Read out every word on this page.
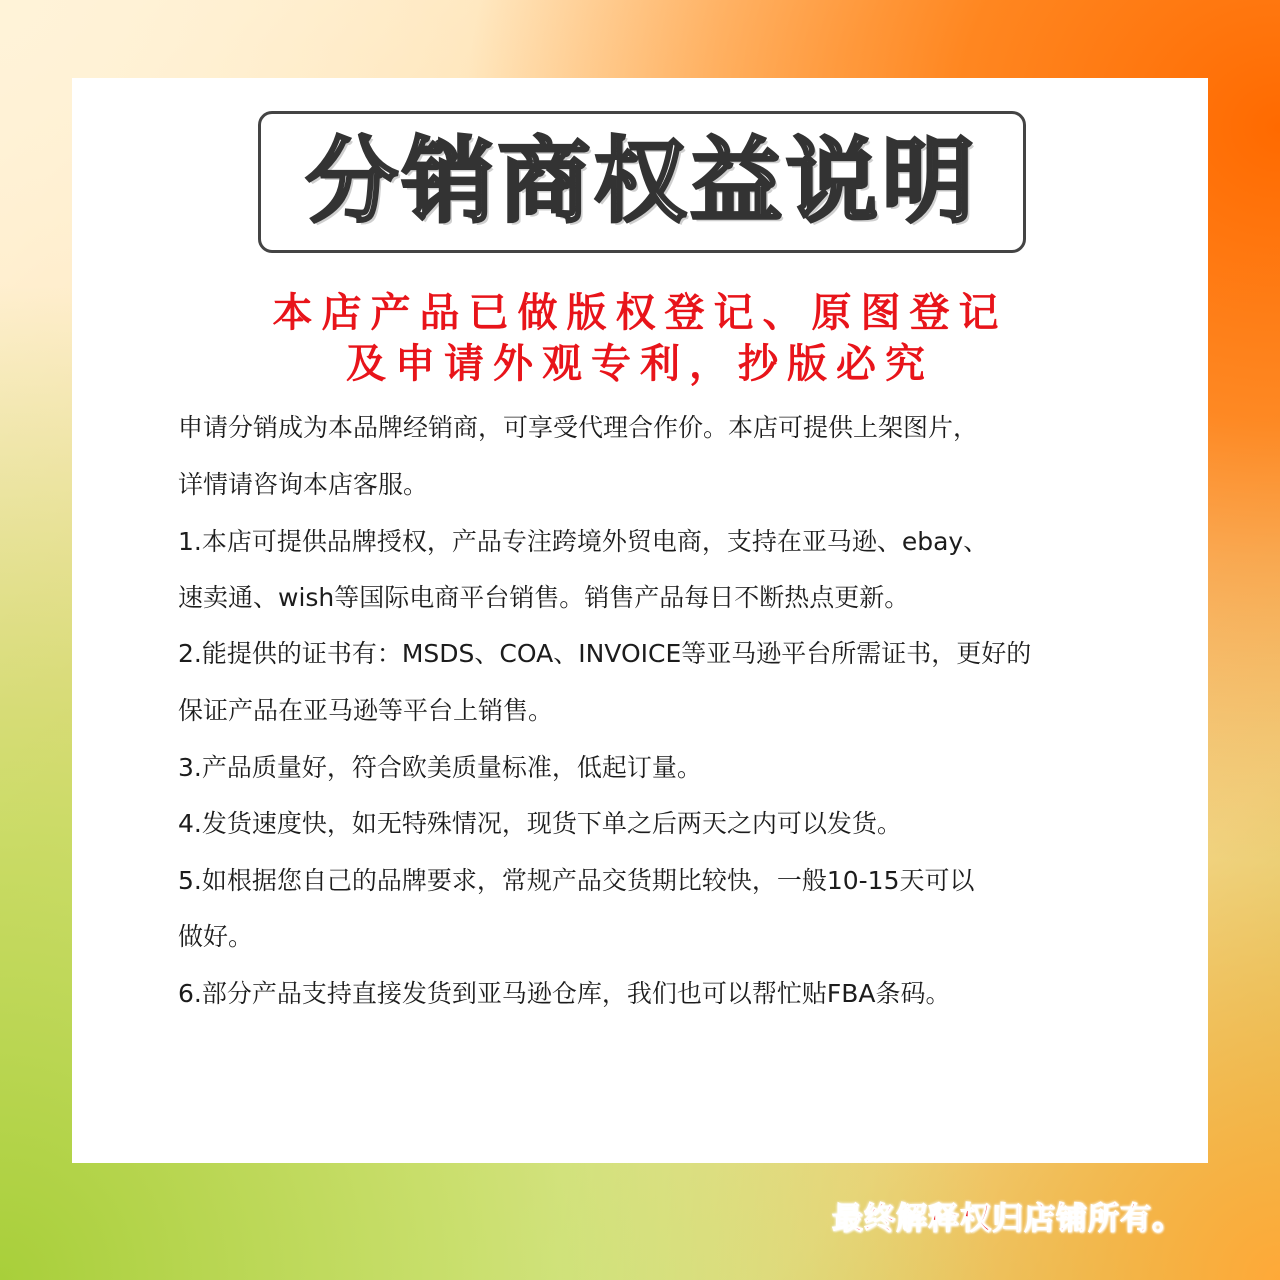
分销商权益说明
本店产品已做版权登记、原图登记
及申请外观专利，抄版必究
申请分销成为本品牌经销商，可享受代理合作价。本店可提供上架图片，
详情请咨询本店客服。
1.本店可提供品牌授权，产品专注跨境外贸电商，支持在亚马逊、ebay、
速卖通、wish等国际电商平台销售。销售产品每日不断热点更新。
2.能提供的证书有：MSDS、COA、INVOICE等亚马逊平台所需证书，更好的
保证产品在亚马逊等平台上销售。
3.产品质量好，符合欧美质量标准，低起订量。
4.发货速度快，如无特殊情况，现货下单之后两天之内可以发货。
5.如根据您自己的品牌要求，常规产品交货期比较快，一般10-15天可以
做好。
6.部分产品支持直接发货到亚马逊仓库，我们也可以帮忙贴FBA条码。
最终解释权归店铺所有。
